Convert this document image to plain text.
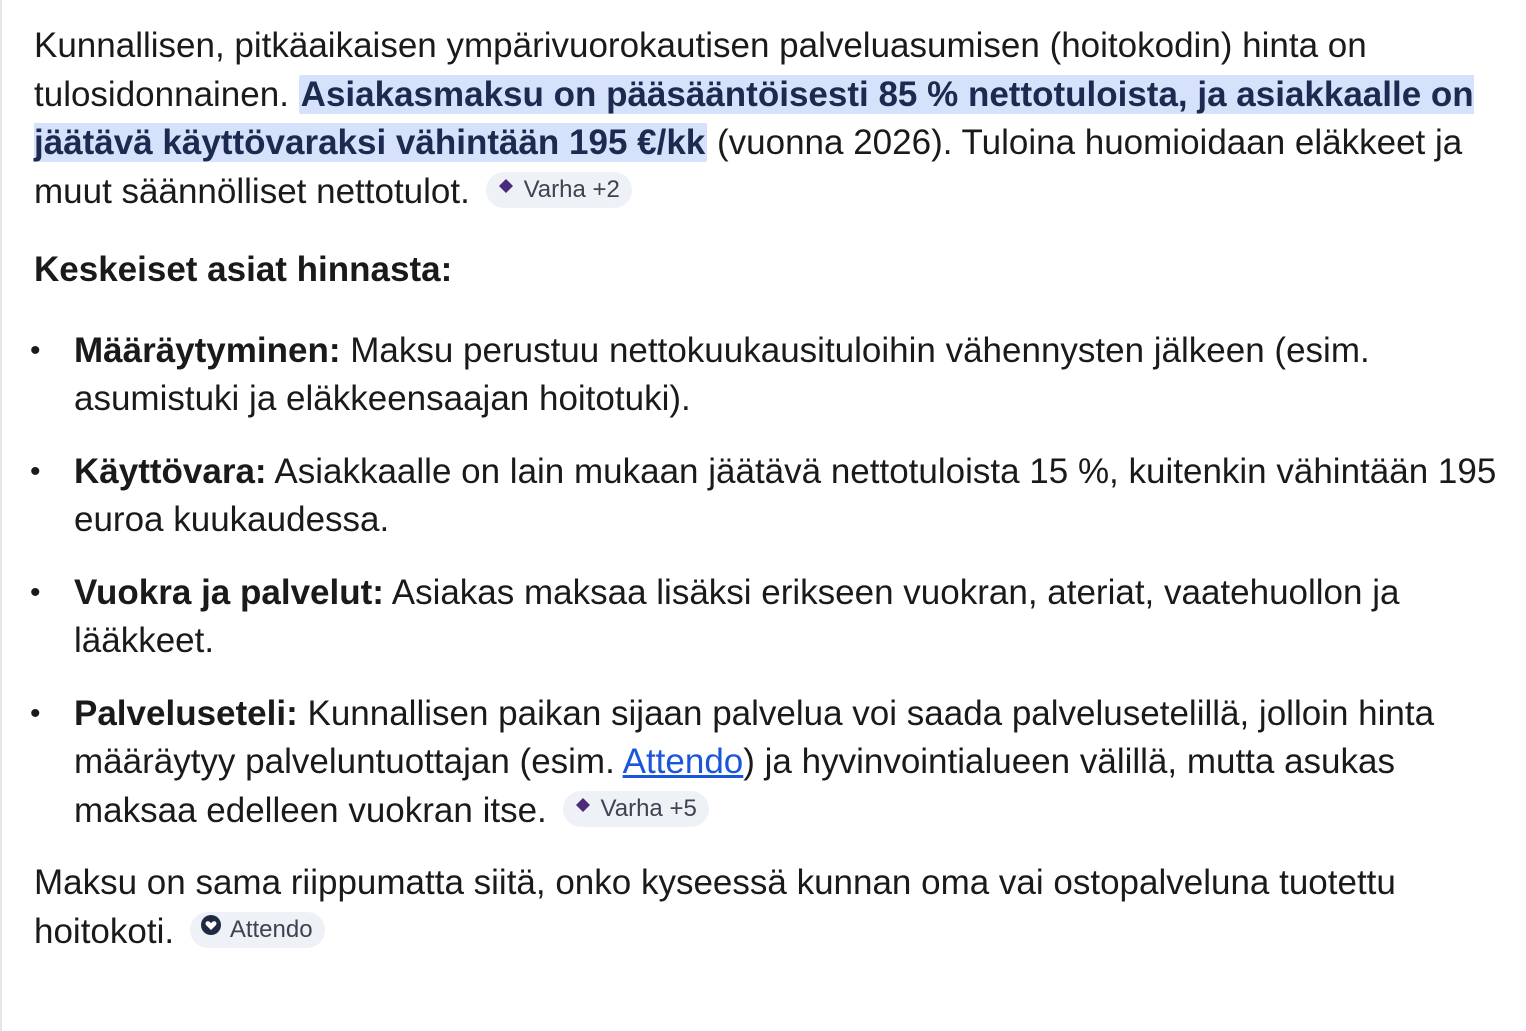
Kunnallisen, pitkäaikaisen ympärivuorokautisen palveluasumisen (hoitokodin) hinta on tulosidonnainen. Asiakasmaksu on pääsääntöisesti 85 % nettotuloista, ja asiakkaalle on jäätävä käyttövaraksi vähintään 195 €/kk (vuonna 2026). Tuloina huomioidaan eläkkeet ja muut säännölliset nettotulot. Varha +2

Keskeiset asiat hinnasta:

• Määräytyminen: Maksu perustuu nettokuukausituloihin vähennysten jälkeen (esim. asumistuki ja eläkkeensaajan hoitotuki).
• Käyttövara: Asiakkaalle on lain mukaan jäätävä nettotuloista 15 %, kuitenkin vähintään 195 euroa kuukaudessa.
• Vuokra ja palvelut: Asiakas maksaa lisäksi erikseen vuokran, ateriat, vaatehuollon ja lääkkeet.
• Palveluseteli: Kunnallisen paikan sijaan palvelua voi saada palvelusetelillä, jolloin hinta määräytyy palveluntuottajan (esim. Attendo) ja hyvinvointialueen välillä, mutta asukas maksaa edelleen vuokran itse. Varha +5

Maksu on sama riippumatta siitä, onko kyseessä kunnan oma vai ostopalveluna tuotettu hoitokoti. Attendo
